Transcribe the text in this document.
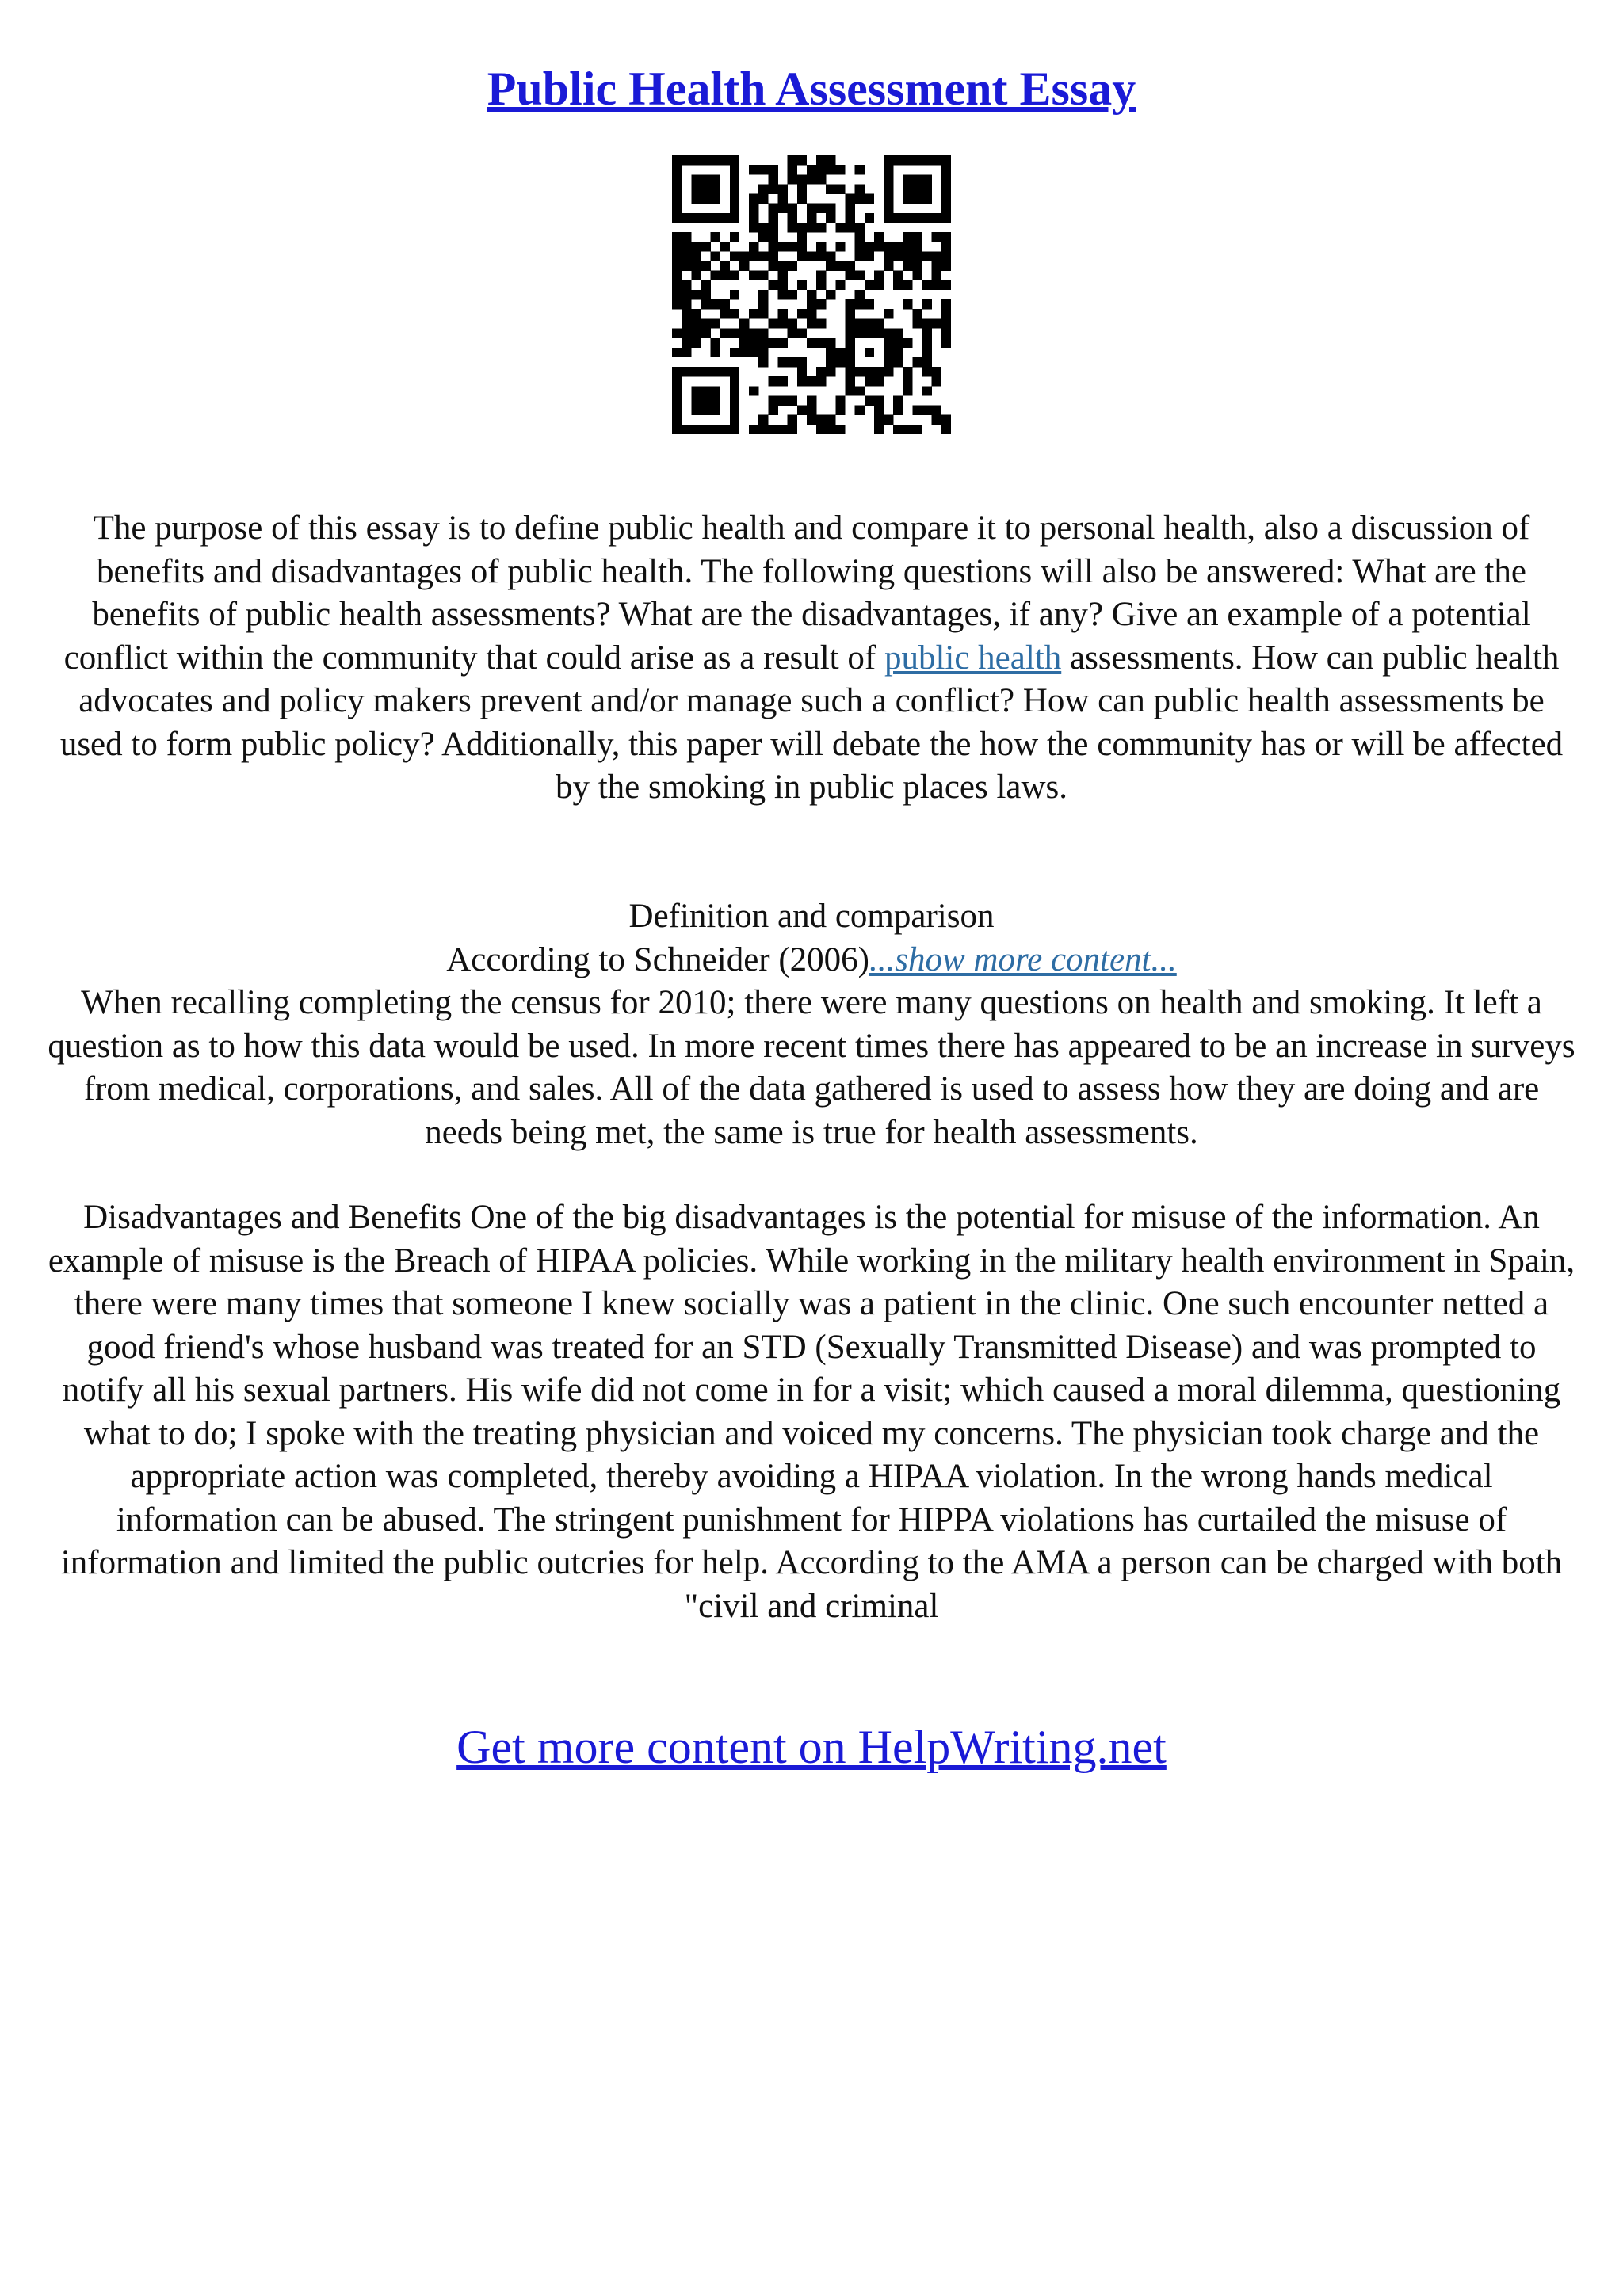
Public Health Assessment Essay

The purpose of this essay is to define public health and compare it to personal health, also a discussion of benefits and disadvantages of public health. The following questions will also be answered: What are the benefits of public health assessments? What are the disadvantages, if any? Give an example of a potential conflict within the community that could arise as a result of public health assessments. How can public health advocates and policy makers prevent and/or manage such a conflict? How can public health assessments be used to form public policy? Additionally, this paper will debate the how the community has or will be affected by the smoking in public places laws.

Definition and comparison

According to Schneider (2006)...show more content...

When recalling completing the census for 2010; there were many questions on health and smoking. It left a question as to how this data would be used. In more recent times there has appeared to be an increase in surveys from medical, corporations, and sales. All of the data gathered is used to assess how they are doing and are needs being met, the same is true for health assessments.

Disadvantages and Benefits One of the big disadvantages is the potential for misuse of the information. An example of misuse is the Breach of HIPAA policies. While working in the military health environment in Spain, there were many times that someone I knew socially was a patient in the clinic. One such encounter netted a good friend's whose husband was treated for an STD (Sexually Transmitted Disease) and was prompted to notify all his sexual partners. His wife did not come in for a visit; which caused a moral dilemma, questioning what to do; I spoke with the treating physician and voiced my concerns. The physician took charge and the appropriate action was completed, thereby avoiding a HIPAA violation. In the wrong hands medical information can be abused. The stringent punishment for HIPPA violations has curtailed the misuse of information and limited the public outcries for help. According to the AMA a person can be charged with both "civil and criminal

Get more content on HelpWriting.net
